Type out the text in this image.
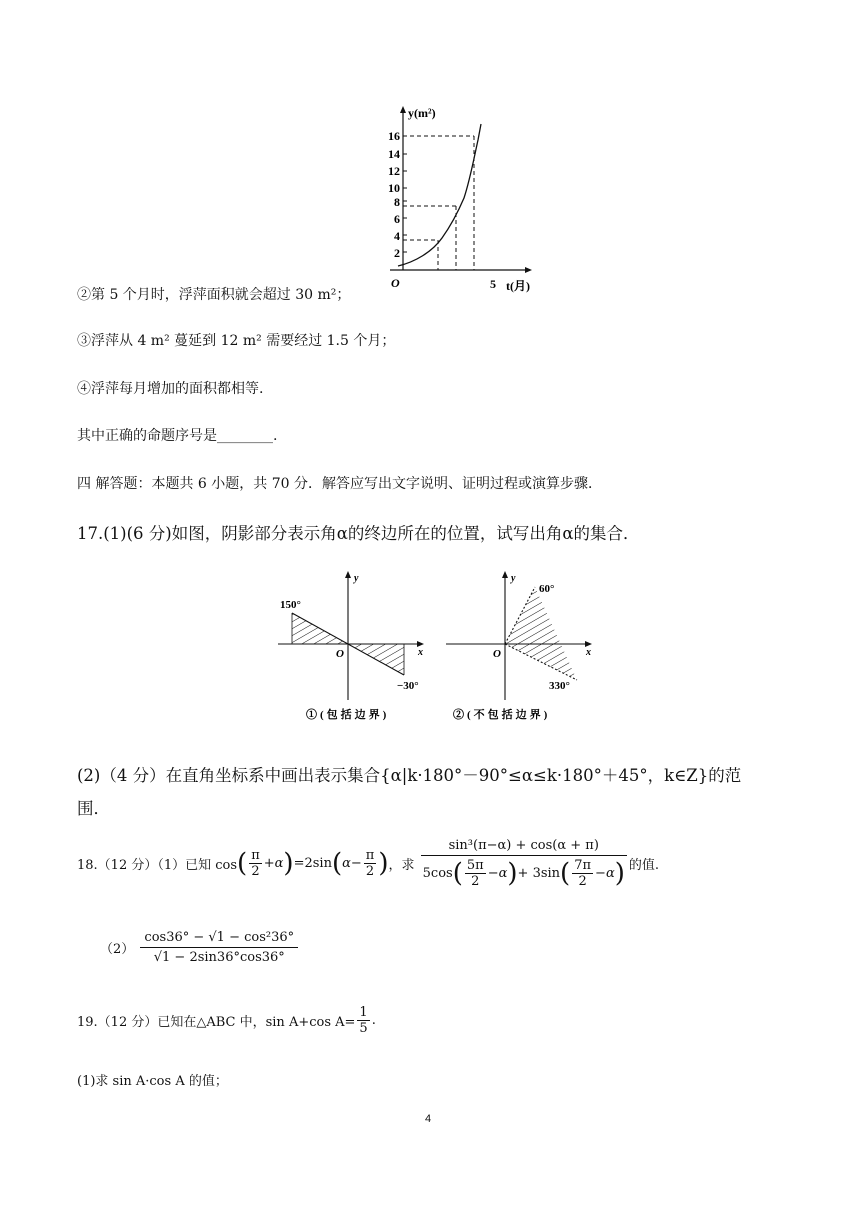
16
14
12
10
8
6
4
2
y(m²)
t(月)
O	5
②第 5 个月时，浮萍面积就会超过 30 m²；
③浮萍从 4 m² 蔓延到 12 m² 需要经过 1.5 个月；
④浮萍每月增加的面积都相等.
其中正确的命题序号是________.
四 解答题：本题共 6 小题，共 70 分．解答应写出文字说明、证明过程或演算步骤．
17.(1)(6 分)如图，阴影部分表示角α的终边所在的位置，试写出角α的集合．
150°
−30°
y
x
O
①(包括边界)
60°
330°
y
x
O
②(不包括边界)
(2)（4 分）在直角坐标系中画出表示集合{α|k·180°－90°≤α≤k·180°＋45°，k∈Z}的范
围．
18.（12 分）（1）已知 $\cos( \frac{\pi}{2} +\alpha)=2\sin(\alpha- \frac{\pi}{2}$ )，求 $\frac{\text{sin³(π−α) + cos(α + π)}}{5\cos( \frac{5\pi}{2} -\alpha)+ 3\sin( \frac{7\pi}{2} -\alpha)}$ 的值.
$(2) \frac{\text{cos36° − √1 − cos²36°}}{√1 - 2\sin 36^\circ\cos 36^\circ}$
19.（12 分）已知在△ABC 中，sin A+cos $A= \frac{1}{5}$ .
(1)求 sin A·cos A 的值；
4
